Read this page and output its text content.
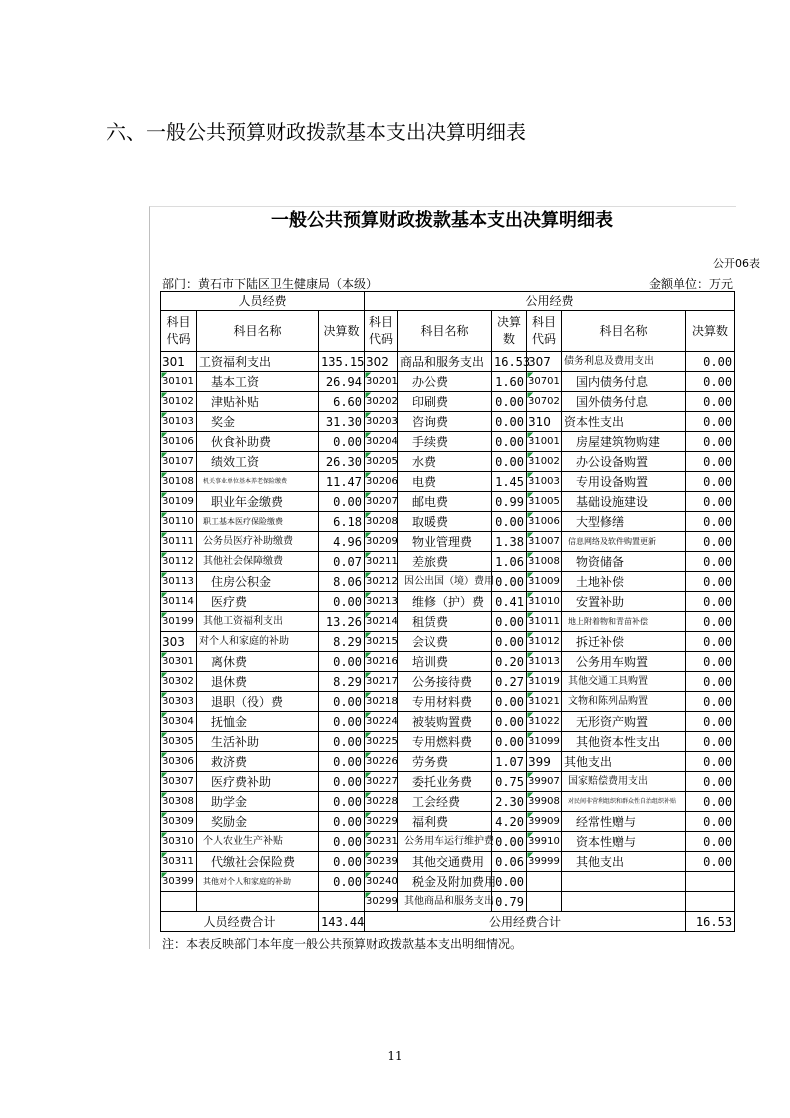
六、一般公共预算财政拨款基本支出决算明细表
一般公共预算财政拨款基本支出决算明细表
公开06表
部门：黄石市下陆区卫生健康局（本级）	金额单位：万元
人员经费			公用经费					
科目代码	科目名称	决算数	科目代码	科目名称	决算数	科目代码	科目名称	决算数
301	工资福利支出	135.15	302	商品和服务支出	16.53	307	债务利息及费用支出	0.00
30101	基本工资	26.94	30201	办公费	1.60	30701	国内债务付息	0.00
30102	津贴补贴	6.60	30202	印刷费	0.00	30702	国外债务付息	0.00
30103	奖金	31.30	30203	咨询费	0.00	310	资本性支出	0.00
30106	伙食补助费	0.00	30204	手续费	0.00	31001	房屋建筑物购建	0.00
30107	绩效工资	26.30	30205	水费	0.00	31002	办公设备购置	0.00
30108	机关事业单位基本养老保险缴费	11.47	30206	电费	1.45	31003	专用设备购置	0.00
30109	职业年金缴费	0.00	30207	邮电费	0.99	31005	基础设施建设	0.00
30110	职工基本医疗保险缴费	6.18	30208	取暖费	0.00	31006	大型修缮	0.00
30111	公务员医疗补助缴费	4.96	30209	物业管理费	1.38	31007	信息网络及软件购置更新	0.00
30112	其他社会保障缴费	0.07	30211	差旅费	1.06	31008	物资储备	0.00
30113	住房公积金	8.06	30212	因公出国（境）费用	0.00	31009	土地补偿	0.00
30114	医疗费	0.00	30213	维修（护）费	0.41	31010	安置补助	0.00
30199	其他工资福利支出	13.26	30214	租赁费	0.00	31011	地上附着物和青苗补偿	0.00
303	对个人和家庭的补助	8.29	30215	会议费	0.00	31012	拆迁补偿	0.00
30301	离休费	0.00	30216	培训费	0.20	31013	公务用车购置	0.00
30302	退休费	8.29	30217	公务接待费	0.27	31019	其他交通工具购置	0.00
30303	退职（役）费	0.00	30218	专用材料费	0.00	31021	文物和陈列品购置	0.00
30304	抚恤金	0.00	30224	被装购置费	0.00	31022	无形资产购置	0.00
30305	生活补助	0.00	30225	专用燃料费	0.00	31099	其他资本性支出	0.00
30306	救济费	0.00	30226	劳务费	1.07	399	其他支出	0.00
30307	医疗费补助	0.00	30227	委托业务费	0.75	39907	国家赔偿费用支出	0.00
30308	助学金	0.00	30228	工会经费	2.30	39908	对民间非营利组织和群众性自治组织补贴	0.00
30309	奖励金	0.00	30229	福利费	4.20	39909	经常性赠与	0.00
30310	个人农业生产补贴	0.00	30231	公务用车运行维护费	0.00	39910	资本性赠与	0.00
30311	代缴社会保险费	0.00	30239	其他交通费用	0.06	39999	其他支出	0.00
30399	其他对个人和家庭的补助	0.00	30240	税金及附加费用	0.00			
			30299	其他商品和服务支出	0.79			
人员经费合计		143.44	公用经费合计					16.53
注：本表反映部门本年度一般公共预算财政拨款基本支出明细情况。
11
